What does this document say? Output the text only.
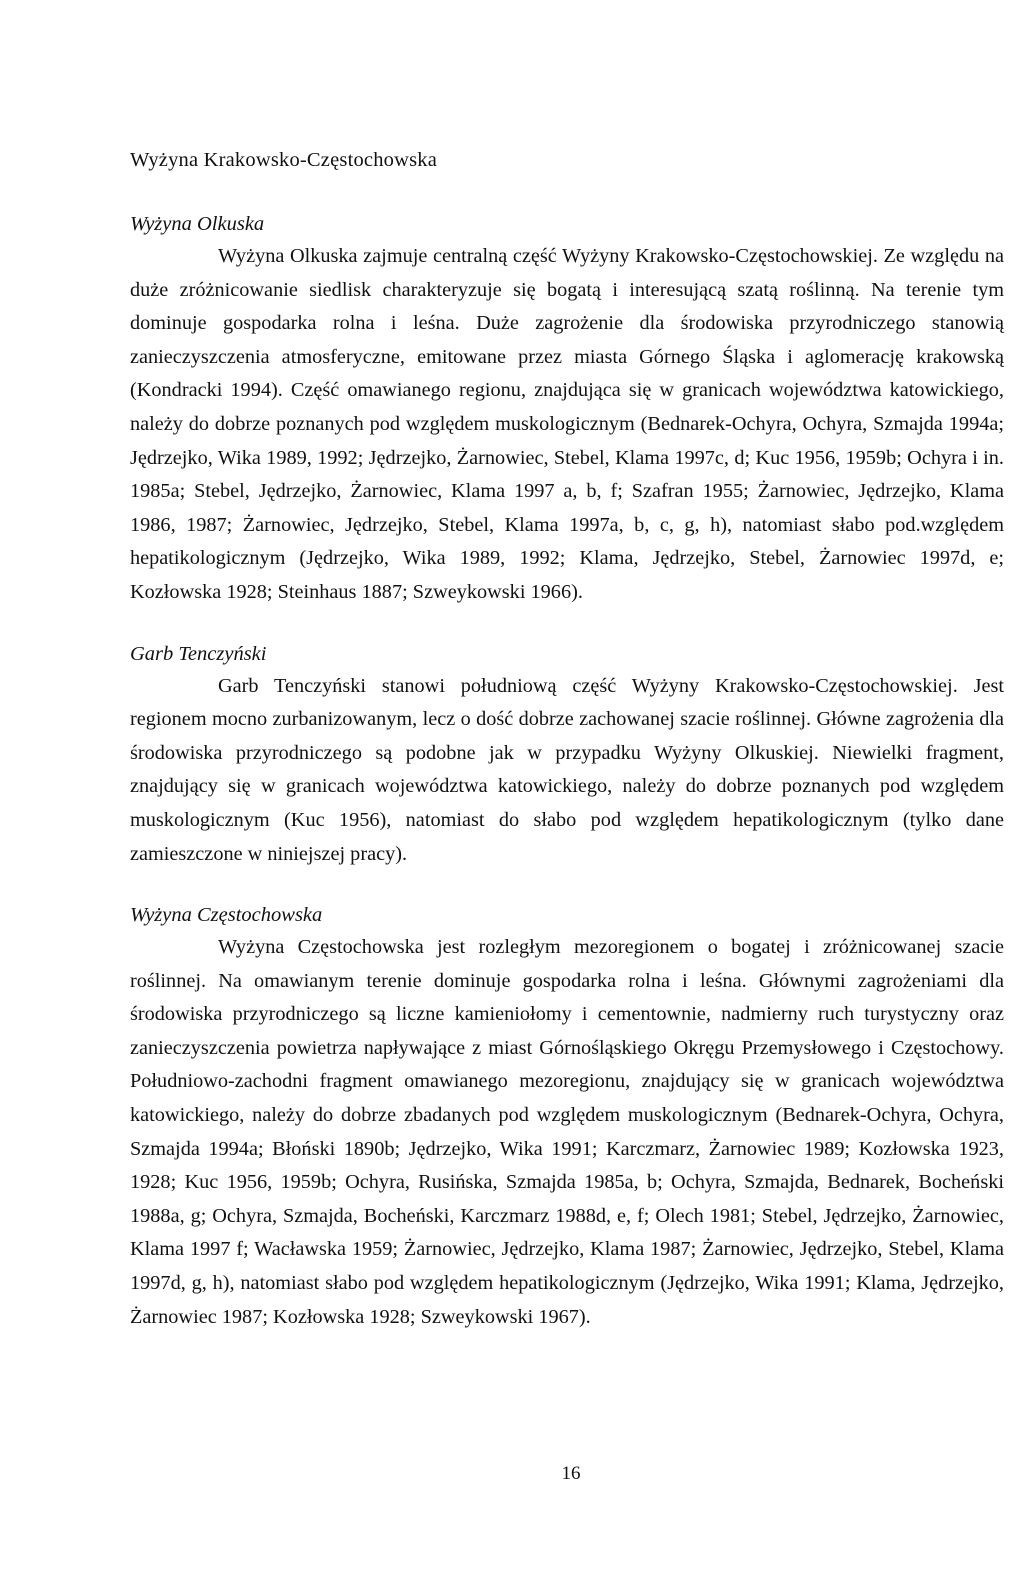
Wyżyna Krakowsko-Częstochowska
Wyżyna Olkuska

Wyżyna Olkuska zajmuje centralną część Wyżyny Krakowsko-Częstochowskiej. Ze względu na duże zróżnicowanie siedlisk charakteryzuje się bogatą i interesującą szatą roślinną. Na terenie tym dominuje gospodarka rolna i leśna. Duże zagrożenie dla środowiska przyrodniczego stanowią zanieczyszczenia atmosferyczne, emitowane przez miasta Górnego Śląska i aglomerację krakowską (Kondracki 1994). Część omawianego regionu, znajdująca się w granicach województwa katowickiego, należy do dobrze poznanych pod względem muskologicznym (Bednarek-Ochyra, Ochyra, Szmajda 1994a; Jędrzejko, Wika 1989, 1992; Jędrzejko, Żarnowiec, Stebel, Klama 1997c, d; Kuc 1956, 1959b; Ochyra i in. 1985a; Stebel, Jędrzejko, Żarnowiec, Klama 1997 a, b, f; Szafran 1955; Żarnowiec, Jędrzejko, Klama 1986, 1987; Żarnowiec, Jędrzejko, Stebel, Klama 1997a, b, c, g, h), natomiast słabo pod.względem hepatikologicznym (Jędrzejko, Wika 1989, 1992; Klama, Jędrzejko, Stebel, Żarnowiec 1997d, e; Kozłowska 1928; Steinhaus 1887; Szweykowski 1966).

Garb Tenczyński

Garb Tenczyński stanowi południową część Wyżyny Krakowsko-Częstochowskiej. Jest regionem mocno zurbanizowanym, lecz o dość dobrze zachowanej szacie roślinnej. Główne zagrożenia dla środowiska przyrodniczego są podobne jak w przypadku Wyżyny Olkuskiej. Niewielki fragment, znajdujący się w granicach województwa katowickiego, należy do dobrze poznanych pod względem muskologicznym (Kuc 1956), natomiast do słabo pod względem hepatikologicznym (tylko dane zamieszczone w niniejszej pracy).

Wyżyna Częstochowska

Wyżyna Częstochowska jest rozległym mezoregionem o bogatej i zróżnicowanej szacie roślinnej. Na omawianym terenie dominuje gospodarka rolna i leśna. Głównymi zagrożeniami dla środowiska przyrodniczego są liczne kamieniołomy i cementownie, nadmierny ruch turystyczny oraz zanieczyszczenia powietrza napływające z miast Górnośląskiego Okręgu Przemysłowego i Częstochowy. Południowo-zachodni fragment omawianego mezoregionu, znajdujący się w granicach województwa katowickiego, należy do dobrze zbadanych pod względem muskologicznym (Bednarek-Ochyra, Ochyra, Szmajda 1994a; Błoński 1890b; Jędrzejko, Wika 1991; Karczmarz, Żarnowiec 1989; Kozłowska 1923, 1928; Kuc 1956, 1959b; Ochyra, Rusińska, Szmajda 1985a, b; Ochyra, Szmajda, Bednarek, Bocheński 1988a, g; Ochyra, Szmajda, Bocheński, Karczmarz 1988d, e, f; Olech 1981; Stebel, Jędrzejko, Żarnowiec, Klama 1997 f; Wacławska 1959; Żarnowiec, Jędrzejko, Klama 1987; Żarnowiec, Jędrzejko, Stebel, Klama 1997d, g, h), natomiast słabo pod względem hepatikologicznym (Jędrzejko, Wika 1991; Klama, Jędrzejko, Żarnowiec 1987; Kozłowska 1928; Szweykowski 1967).

16
